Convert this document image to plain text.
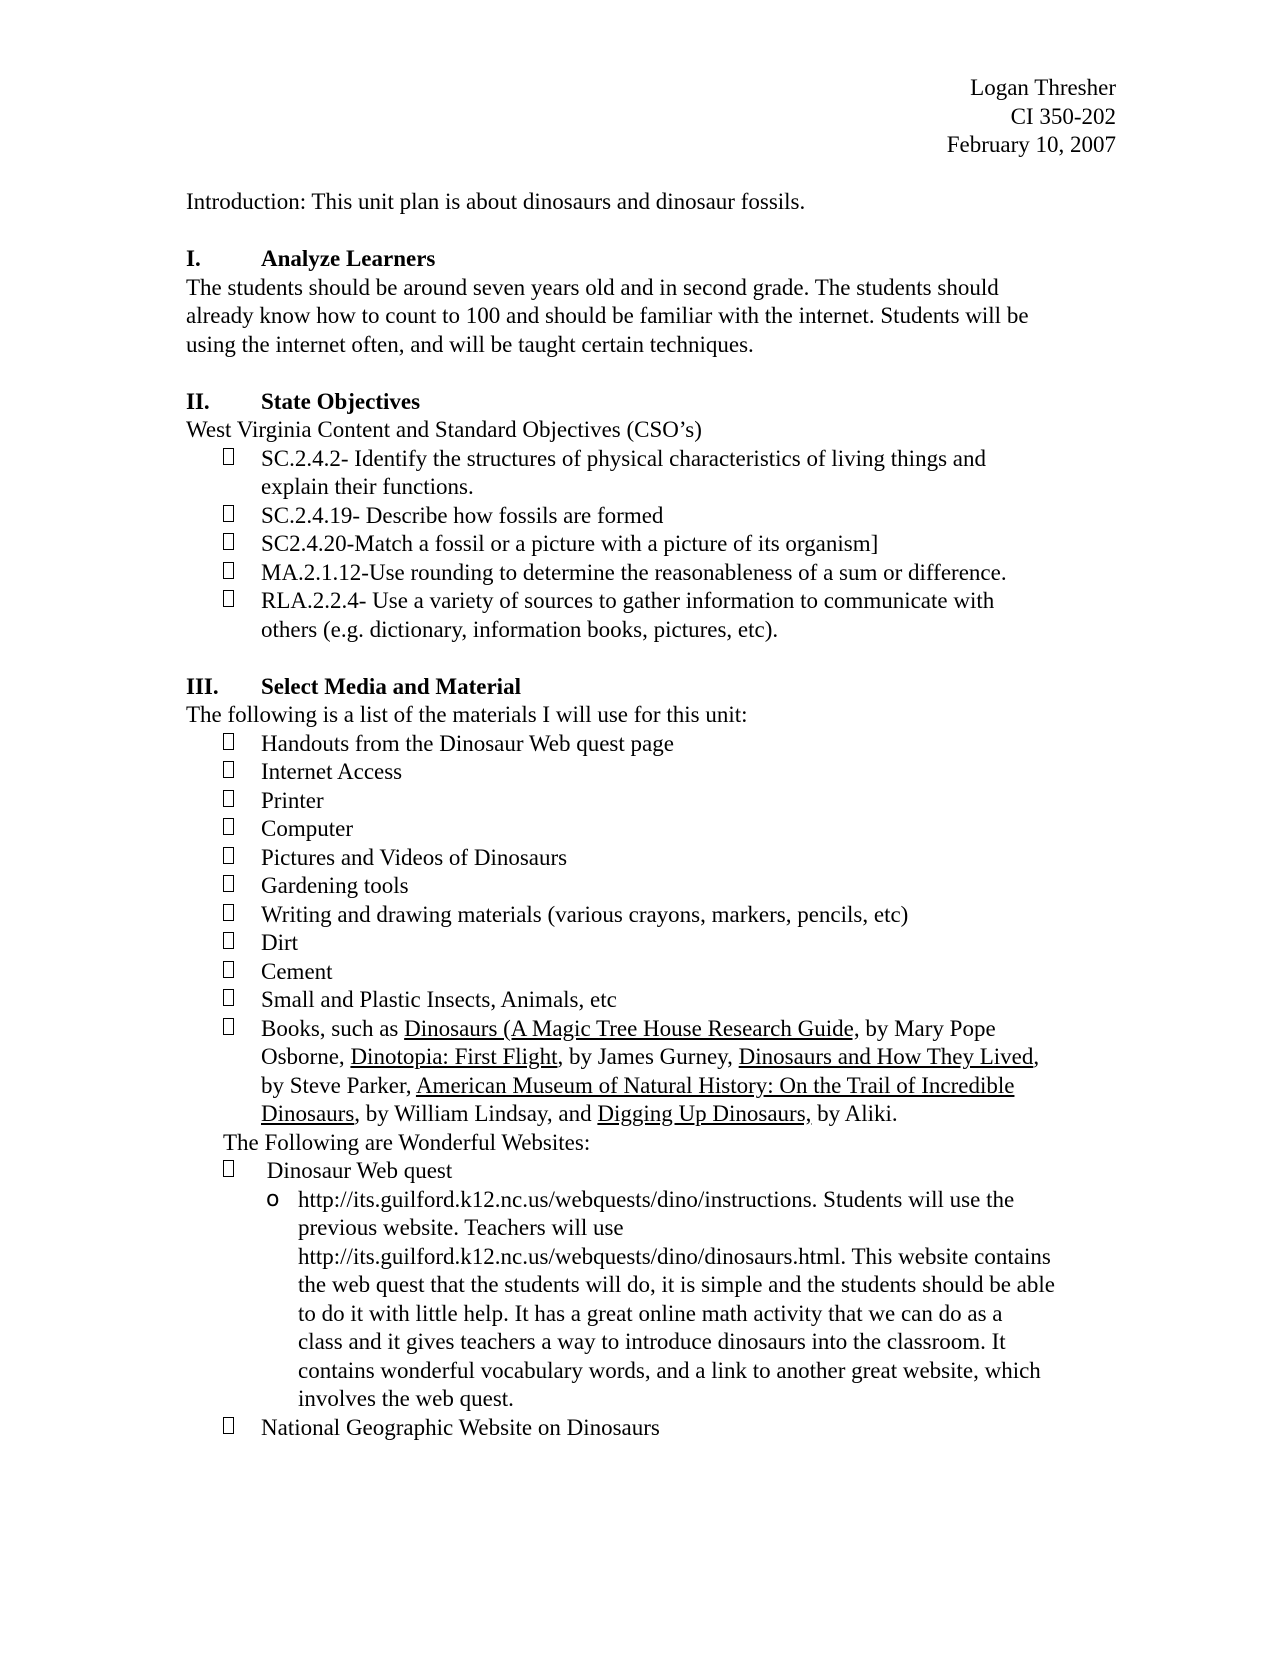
Logan Thresher
CI 350-202
February 10, 2007
Introduction: This unit plan is about dinosaurs and dinosaur fossils.
I.	Analyze Learners
The students should be around seven years old and in second grade. The students should
already know how to count to 100 and should be familiar with the internet. Students will be
using the internet often, and will be taught certain techniques.
II. State Objectives
West Virginia Content and Standard Objectives (CSO’s)
SC.2.4.2- Identify the structures of physical characteristics of living things and
explain their functions.
SC.2.4.19- Describe how fossils are formed
SC2.4.20-Match a fossil or a picture with a picture of its organism]
MA.2.1.12-Use rounding to determine the reasonableness of a sum or difference.
RLA.2.2.4- Use a variety of sources to gather information to communicate with
others (e.g. dictionary, information books, pictures, etc).
III. Select Media and Material
The following is a list of the materials I will use for this unit:
Handouts from the Dinosaur Web quest page
Internet Access
Printer
Computer
Pictures and Videos of Dinosaurs
Gardening tools
Writing and drawing materials (various crayons, markers, pencils, etc)
Dirt
Cement
Small and Plastic Insects, Animals, etc
Books, such as Dinosaurs (A Magic Tree House Research Guide, by Mary Pope
Osborne, Dinotopia: First Flight, by James Gurney, Dinosaurs and How They Lived,
by Steve Parker, American Museum of Natural History: On the Trail of Incredible
Dinosaurs, by William Lindsay, and Digging Up Dinosaurs, by Aliki.
The Following are Wonderful Websites:
Dinosaur Web quest
o http://its.guilford.k12.nc.us/webquests/dino/instructions. Students will use the
previous website. Teachers will use
http://its.guilford.k12.nc.us/webquests/dino/dinosaurs.html. This website contains
the web quest that the students will do, it is simple and the students should be able
to do it with little help. It has a great online math activity that we can do as a
class and it gives teachers a way to introduce dinosaurs into the classroom. It
contains wonderful vocabulary words, and a link to another great website, which
involves the web quest.
National Geographic Website on Dinosaurs
